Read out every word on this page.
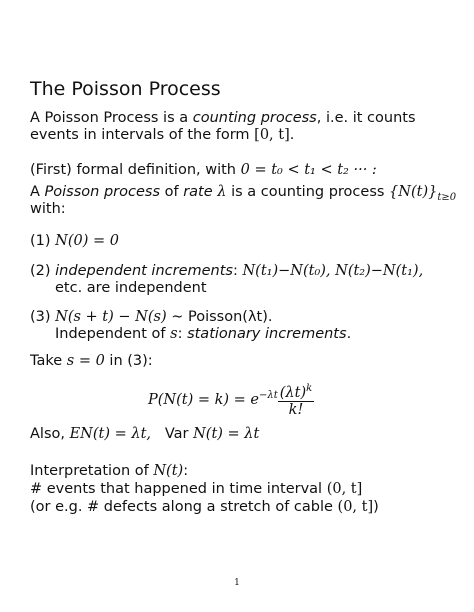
The Poisson Process
A Poisson Process is a counting process, i.e. it counts
events in intervals of the form [0, t].
(First) formal definition, with 0 = t₀ < t₁ < t₂ ··· :
A Poisson process of rate λ is a counting process $\{N(t)\}_{t\ge 0}$
with:
(1) N(0) = 0
(2) independent increments: N(t₁)−N(t₀), N(t₂)−N(t₁),
etc. are independent
(3) N(s + t) − N(s) ∼ Poisson(λt).
Independent of s: stationary increments.
Take s = 0 in (3):
$P(N(t) = k) = e^{-\lambda t} \frac{(\lambda t)^k}{k!}$
Also, EN(t) = λt,   Var N(t) = λt
Interpretation of N(t):
# events that happened in time interval (0, t]
(or e.g. # defects along a stretch of cable (0, t])
1
